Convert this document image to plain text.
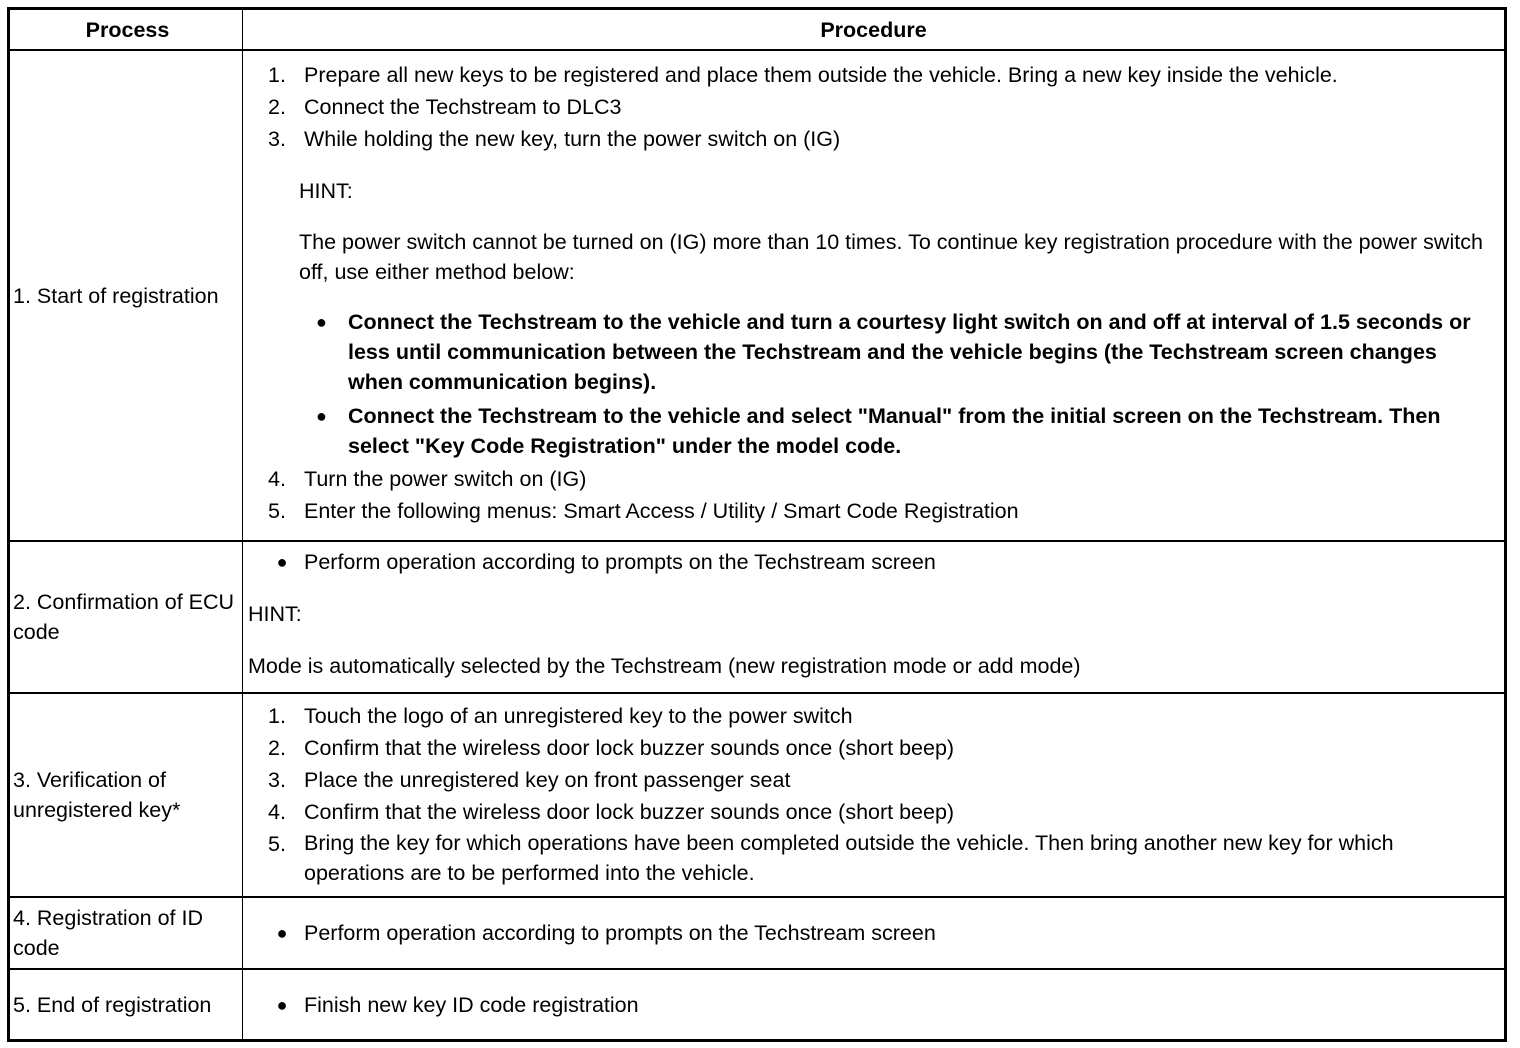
Process	Procedure
1. Start of registration
1. Prepare all new keys to be registered and place them outside the vehicle. Bring a new key inside the vehicle.
2. Connect the Techstream to DLC3
3. While holding the new key, turn the power switch on (IG)
HINT:
The power switch cannot be turned on (IG) more than 10 times. To continue key registration procedure with the power switch off, use either method below:
● Connect the Techstream to the vehicle and turn a courtesy light switch on and off at interval of 1.5 seconds or less until communication between the Techstream and the vehicle begins (the Techstream screen changes when communication begins).
● Connect the Techstream to the vehicle and select "Manual" from the initial screen on the Techstream. Then select "Key Code Registration" under the model code.
4. Turn the power switch on (IG)
5. Enter the following menus: Smart Access / Utility / Smart Code Registration
2. Confirmation of ECU code
● Perform operation according to prompts on the Techstream screen
HINT:
Mode is automatically selected by the Techstream (new registration mode or add mode)
3. Verification of unregistered key*
1. Touch the logo of an unregistered key to the power switch
2. Confirm that the wireless door lock buzzer sounds once (short beep)
3. Place the unregistered key on front passenger seat
4. Confirm that the wireless door lock buzzer sounds once (short beep)
5. Bring the key for which operations have been completed outside the vehicle. Then bring another new key for which operations are to be performed into the vehicle.
4. Registration of ID code
● Perform operation according to prompts on the Techstream screen
5. End of registration	● Finish new key ID code registration
